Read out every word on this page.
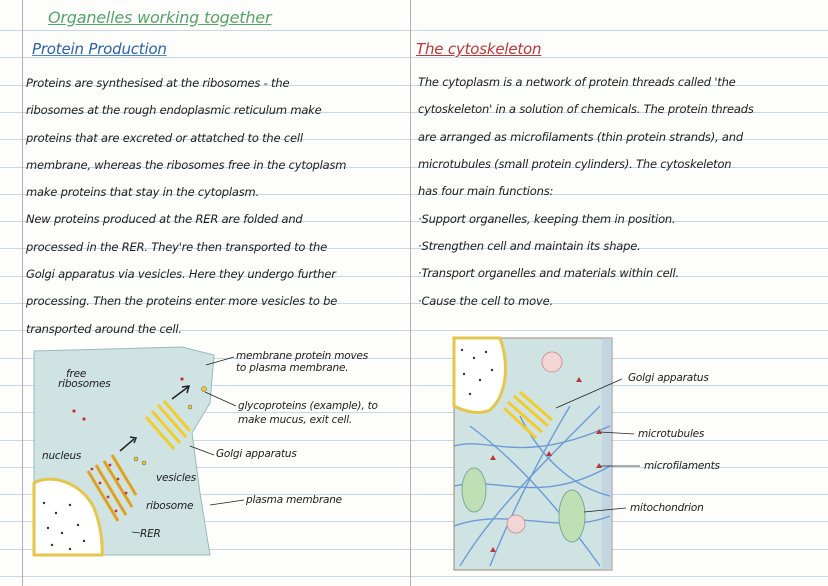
Organelles working together
Protein Production
Proteins are synthesised at the ribosomes - the
ribosomes at the rough endoplasmic reticulum make
proteins that are excreted or attatched to the cell
membrane, whereas the ribosomes free in the cytoplasm
make proteins that stay in the cytoplasm.
New proteins produced at the RER are folded and
processed in the RER. They're then transported to the
Golgi apparatus via vesicles. Here they undergo further
processing. Then the proteins enter more vesicles to be
transported around the cell.
free
ribosomes
membrane protein moves
to plasma membrane.
glycoproteins (example), to
make mucus, exit cell.
nucleus	Golgi apparatus
vesicles
ribosome	plasma membrane
RER
The cytoskeleton
The cytoplasm is a network of protein threads called 'the
cytoskeleton' in a solution of chemicals. The protein threads
are arranged as microfilaments (thin protein strands), and
microtubules (small protein cylinders). The cytoskeleton
has four main functions:
·Support organelles, keeping them in position.
·Strengthen cell and maintain its shape.
·Transport organelles and materials within cell.
·Cause the cell to move.
Golgi apparatus
microtubules
microfilaments
mitochondrion
